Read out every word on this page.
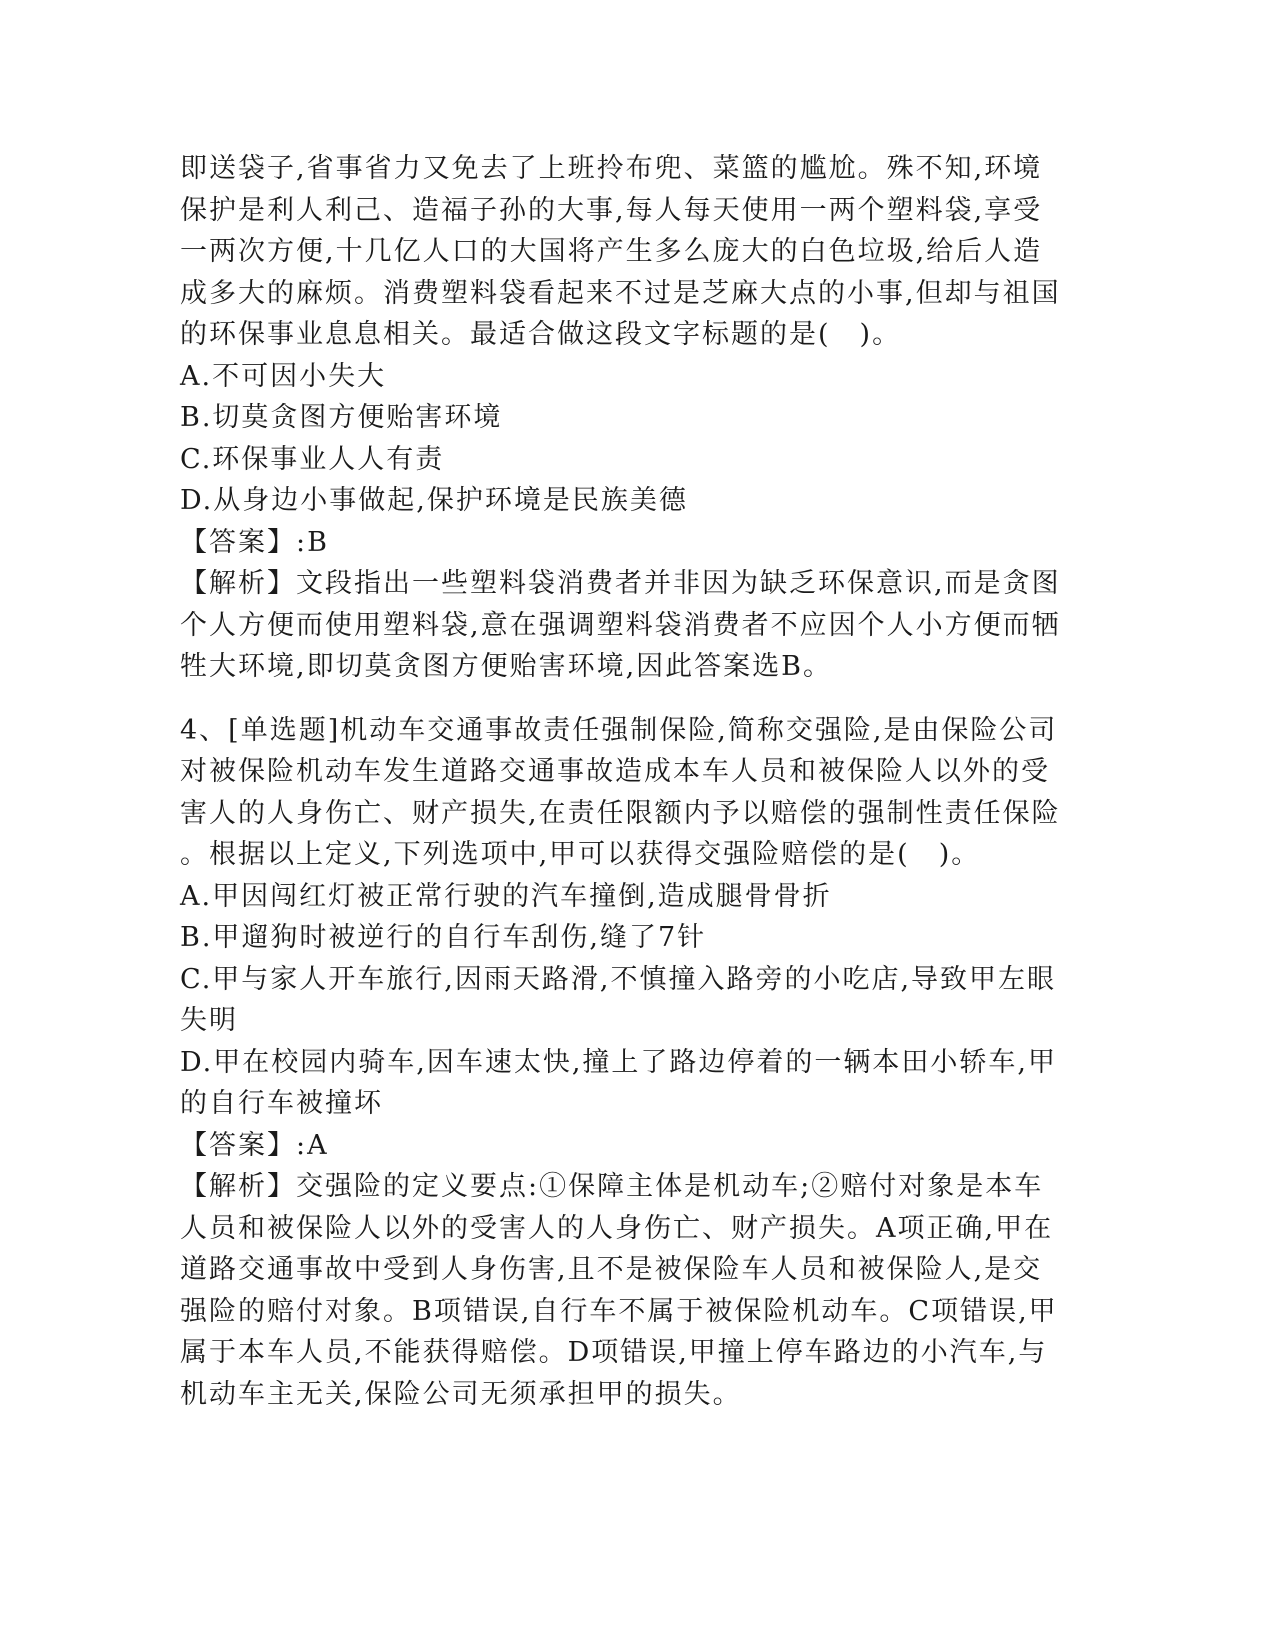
即送袋子,省事省力又免去了上班拎布兜、菜篮的尴尬。殊不知,环境
保护是利人利己、造福子孙的大事,每人每天使用一两个塑料袋,享受
一两次方便,十几亿人口的大国将产生多么庞大的白色垃圾,给后人造
成多大的麻烦。消费塑料袋看起来不过是芝麻大点的小事,但却与祖国
的环保事业息息相关。最适合做这段文字标题的是(　)。
A.不可因小失大
B.切莫贪图方便贻害环境
C.环保事业人人有责
D.从身边小事做起,保护环境是民族美德
【答案】:B
【解析】文段指出一些塑料袋消费者并非因为缺乏环保意识,而是贪图
个人方便而使用塑料袋,意在强调塑料袋消费者不应因个人小方便而牺
牲大环境,即切莫贪图方便贻害环境,因此答案选B。
4、[单选题]机动车交通事故责任强制保险,简称交强险,是由保险公司
对被保险机动车发生道路交通事故造成本车人员和被保险人以外的受
害人的人身伤亡、财产损失,在责任限额内予以赔偿的强制性责任保险
。根据以上定义,下列选项中,甲可以获得交强险赔偿的是(　)。
A.甲因闯红灯被正常行驶的汽车撞倒,造成腿骨骨折
B.甲遛狗时被逆行的自行车刮伤,缝了7针
C.甲与家人开车旅行,因雨天路滑,不慎撞入路旁的小吃店,导致甲左眼
失明
D.甲在校园内骑车,因车速太快,撞上了路边停着的一辆本田小轿车,甲
的自行车被撞坏
【答案】:A
【解析】交强险的定义要点:①保障主体是机动车;②赔付对象是本车
人员和被保险人以外的受害人的人身伤亡、财产损失。A项正确,甲在
道路交通事故中受到人身伤害,且不是被保险车人员和被保险人,是交
强险的赔付对象。B项错误,自行车不属于被保险机动车。C项错误,甲
属于本车人员,不能获得赔偿。D项错误,甲撞上停车路边的小汽车,与
机动车主无关,保险公司无须承担甲的损失。
